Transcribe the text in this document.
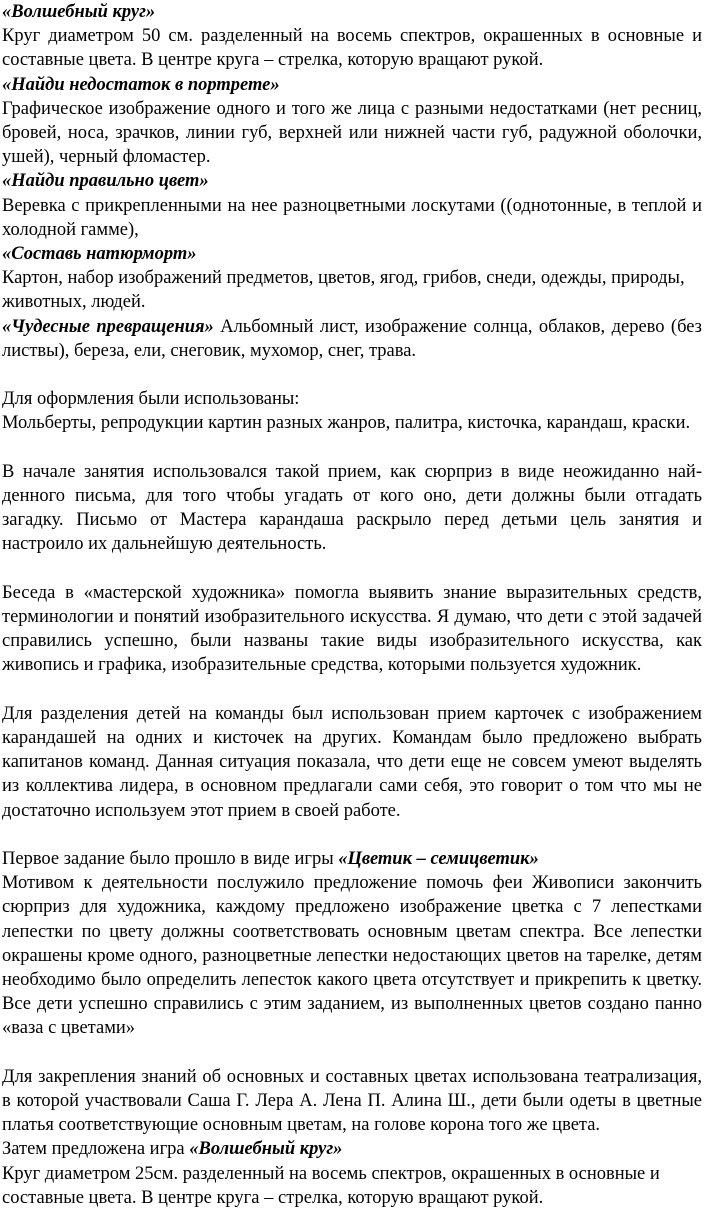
«Волшебный круг»

Круг диаметром 50 см. разделенный на восемь спектров, окрашенных в основные и составные цвета. В центре круга – стрелка, которую вращают рукой.

«Найди недостаток в портрете»

Графическое изображение одного и того же лица с разными недостатками (нет ресниц, бровей, носа, зрачков, линии губ, верхней или нижней части губ, радужной оболочки, ушей), черный фломастер.

«Найди правильно цвет»

Веревка с прикрепленными на нее разноцветными лоскутами ((однотонные, в теплой и холодной гамме),

«Составь натюрморт»

Картон, набор изображений предметов, цветов, ягод, грибов, снеди, одежды, природы, животных, людей.

«Чудесные превращения» Альбомный лист, изображение солнца, облаков, дерево (без листвы), береза, ели, снеговик, мухомор, снег, трава.

Для оформления были использованы:

Мольберты, репродукции картин разных жанров, палитра, кисточка, карандаш, краски.

В начале занятия использовался такой прием, как сюрприз в виде неожиданно най-денного письма, для того чтобы угадать от кого оно, дети должны были отгадать загадку. Письмо от Мастера карандаша раскрыло перед детьми цель занятия и настроило их дальнейшую деятельность.

Беседа в «мастерской художника» помогла выявить знание выразительных средств, терминологии и понятий изобразительного искусства. Я думаю, что дети с этой задачей справились успешно, были названы такие виды изобразительного искусства, как живопись и графика, изобразительные средства, которыми пользуется художник.

Для разделения детей на команды был использован прием карточек с изображением карандашей на одних и кисточек на других. Командам было предложено выбрать капитанов команд. Данная ситуация показала, что дети еще не совсем умеют выделять из коллектива лидера, в основном предлагали сами себя, это говорит о том что мы не достаточно используем этот прием в своей работе.

Первое задание было прошло в виде игры «Цветик – семицветик»

Мотивом к деятельности послужило предложение помочь феи Живописи закончить сюрприз для художника, каждому предложено изображение цветка с 7 лепестками лепестки по цвету должны соответствовать основным цветам спектра. Все лепестки окрашены кроме одного, разноцветные лепестки недостающих цветов на тарелке, детям необходимо было определить лепесток какого цвета отсутствует и прикрепить к цветку. Все дети успешно справились с этим заданием, из выполненных цветов создано панно «ваза с цветами»

Для закрепления знаний об основных и составных цветах использована театрализация, в которой участвовали Саша Г. Лера А. Лена П. Алина Ш., дети были одеты в цветные платья соответствующие основным цветам, на голове корона того же цвета.

Затем предложена игра «Волшебный круг»

Круг диаметром 25см. разделенный на восемь спектров, окрашенных в основные и составные цвета. В центре круга – стрелка, которую вращают рукой.
